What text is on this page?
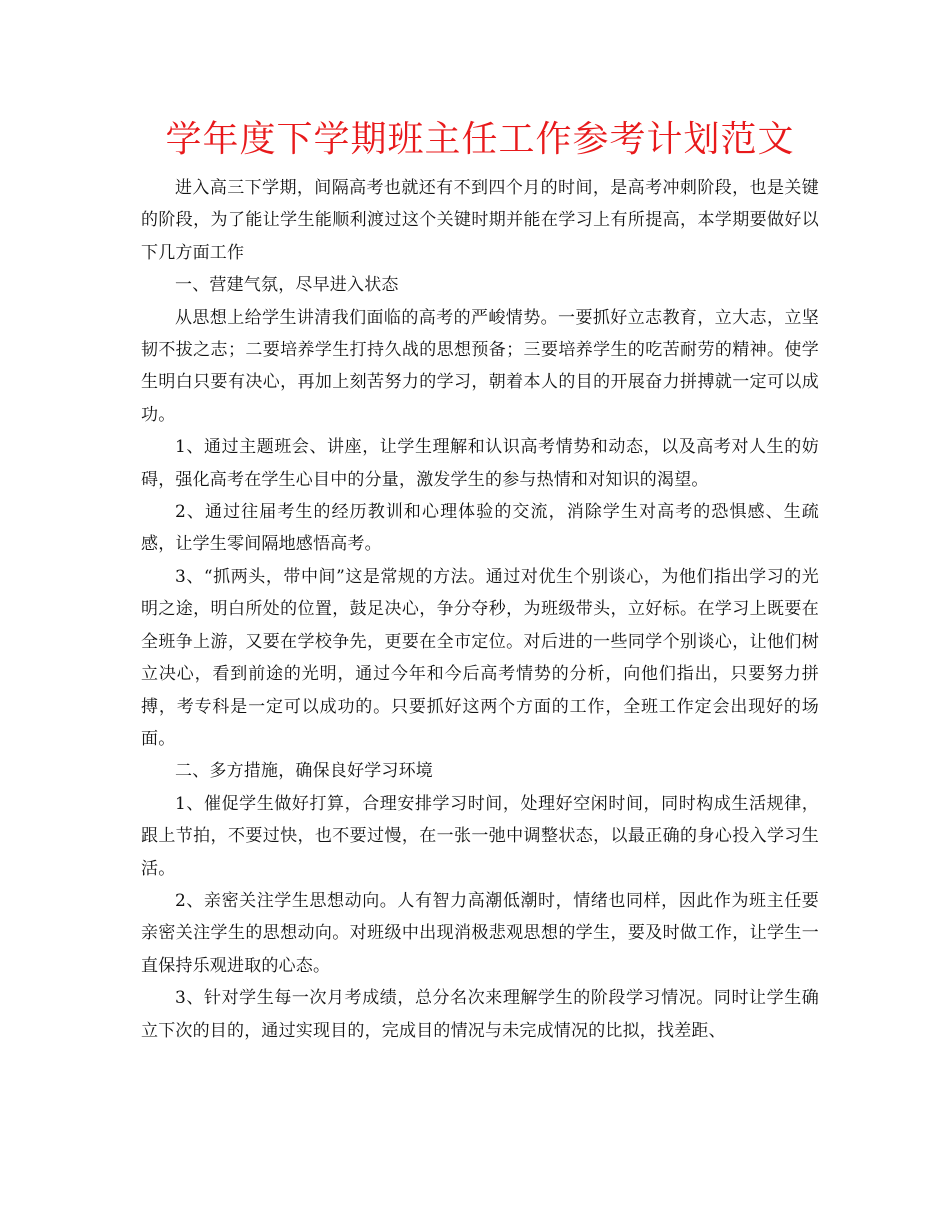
学年度下学期班主任工作参考计划范文

进入高三下学期，间隔高考也就还有不到四个月的时间，是高考冲刺阶段，也是关键的阶段，为了能让学生能顺利渡过这个关键时期并能在学习上有所提高，本学期要做好以下几方面工作

一、营建气氛，尽早进入状态

从思想上给学生讲清我们面临的高考的严峻情势。一要抓好立志教育，立大志，立坚韧不拔之志；二要培养学生打持久战的思想预备；三要培养学生的吃苦耐劳的精神。使学生明白只要有决心，再加上刻苦努力的学习，朝着本人的目的开展奋力拼搏就一定可以成功。

1、通过主题班会、讲座，让学生理解和认识高考情势和动态，以及高考对人生的妨碍，强化高考在学生心目中的分量，激发学生的参与热情和对知识的渴望。

2、通过往届考生的经历教训和心理体验的交流，消除学生对高考的恐惧感、生疏感，让学生零间隔地感悟高考。

3、“抓两头，带中间”这是常规的方法。通过对优生个别谈心，为他们指出学习的光明之途，明白所处的位置，鼓足决心，争分夺秒，为班级带头，立好标。在学习上既要在全班争上游，又要在学校争先，更要在全市定位。对后进的一些同学个别谈心，让他们树立决心，看到前途的光明，通过今年和今后高考情势的分析，向他们指出，只要努力拼搏，考专科是一定可以成功的。只要抓好这两个方面的工作，全班工作定会出现好的场面。

二、多方措施，确保良好学习环境

1、催促学生做好打算，合理安排学习时间，处理好空闲时间，同时构成生活规律，跟上节拍，不要过快，也不要过慢，在一张一弛中调整状态，以最正确的身心投入学习生活。

2、亲密关注学生思想动向。人有智力高潮低潮时，情绪也同样，因此作为班主任要亲密关注学生的思想动向。对班级中出现消极悲观思想的学生，要及时做工作，让学生一直保持乐观进取的心态。

3、针对学生每一次月考成绩，总分名次来理解学生的阶段学习情况。同时让学生确立下次的目的，通过实现目的，完成目的情况与未完成情况的比拟，找差距、
